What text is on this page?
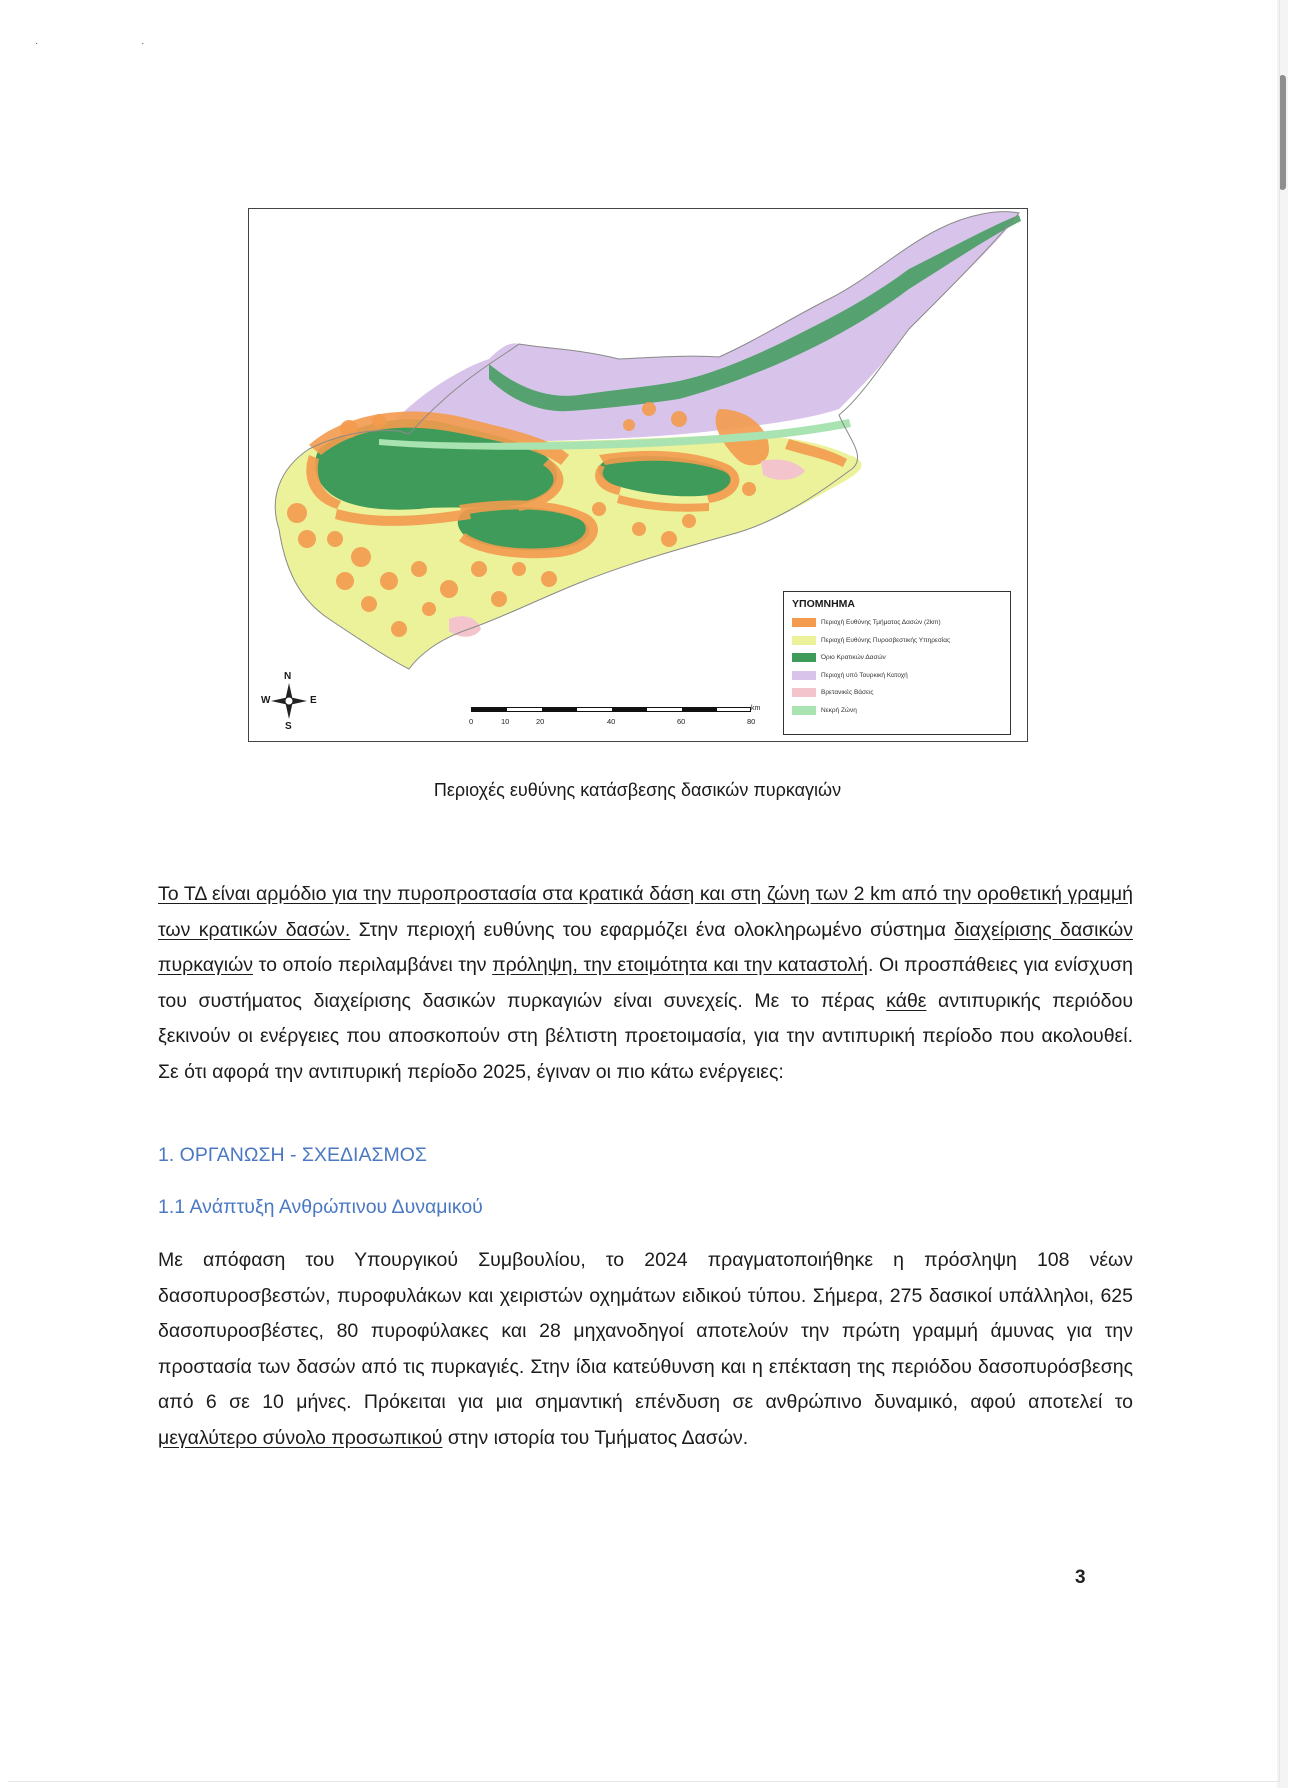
· ·
N
S
W	E
0	10	20	40	60	80
km
ΥΠΟΜΝΗΜΑ
Περιοχή Ευθύνης Τμήματος Δασών (2km)
Περιοχή Ευθύνης Πυροσβεστικής Υπηρεσίας
Όριο Κρατικών Δασών
Περιοχή υπό Τουρκική Κατοχή
Βρετανικές Βάσεις
Νεκρή Ζώνη
Περιοχές ευθύνης κατάσβεσης δασικών πυρκαγιών
Το ΤΔ είναι αρμόδιο για την πυροπροστασία στα κρατικά δάση και στη ζώνη των 2 km από την οροθετική γραμμή των κρατικών δασών. Στην περιοχή ευθύνης του εφαρμόζει ένα ολοκληρωμένο σύστημα διαχείρισης δασικών πυρκαγιών το οποίο περιλαμβάνει την πρόληψη, την ετοιμότητα και την καταστολή. Οι προσπάθειες για ενίσχυση του συστήματος διαχείρισης δασικών πυρκαγιών είναι συνεχείς. Με το πέρας κάθε αντιπυρικής περιόδου ξεκινούν οι ενέργειες που αποσκοπούν στη βέλτιστη προετοιμασία, για την αντιπυρική περίοδο που ακολουθεί. Σε ότι αφορά την αντιπυρική περίοδο 2025, έγιναν οι πιο κάτω ενέργειες:
1. ΟΡΓΑΝΩΣΗ - ΣΧΕΔΙΑΣΜΟΣ
1.1 Ανάπτυξη Ανθρώπινου Δυναμικού
Με απόφαση του Υπουργικού Συμβουλίου, το 2024 πραγματοποιήθηκε η πρόσληψη 108 νέων δασοπυροσβεστών, πυροφυλάκων και χειριστών οχημάτων ειδικού τύπου. Σήμερα, 275 δασικοί υπάλληλοι, 625 δασοπυροσβέστες, 80 πυροφύλακες και 28 μηχανοδηγοί αποτελούν την πρώτη γραμμή άμυνας για την προστασία των δασών από τις πυρκαγιές. Στην ίδια κατεύθυνση και η επέκταση της περιόδου δασοπυρόσβεσης από 6 σε 10 μήνες. Πρόκειται για μια σημαντική επένδυση σε ανθρώπινο δυναμικό, αφού αποτελεί το μεγαλύτερο σύνολο προσωπικού στην ιστορία του Τμήματος Δασών.
3
